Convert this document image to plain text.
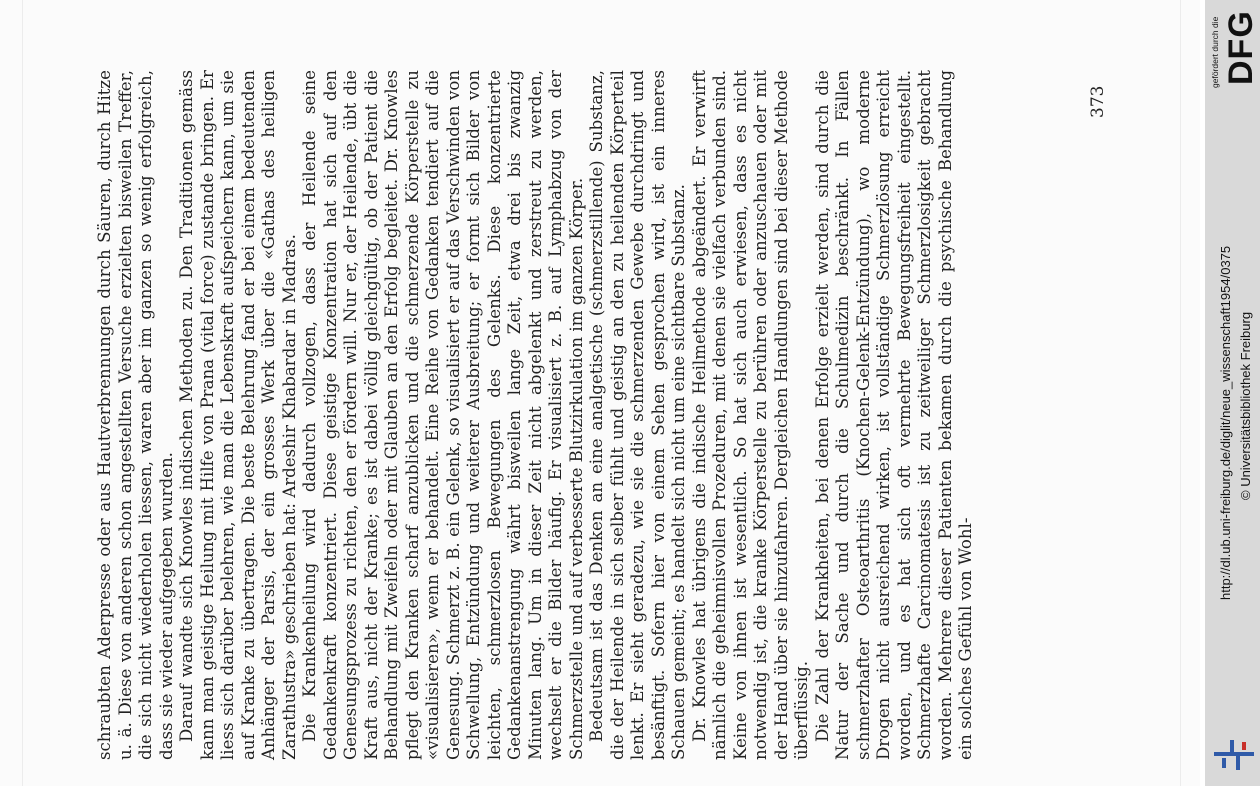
schraubten Aderpresse oder aus Hautverbrennungen durch Säuren, durch Hitze u. ä. Diese von anderen schon angestellten Versuche erzielten bisweilen Treffer, die sich nicht wiederholen liessen, waren aber im ganzen so wenig erfolgreich, dass sie wieder aufgegeben wurden. Darauf wandte sich Knowles indischen Methoden zu. Den Traditionen gemäss kann man geistige Heilung mit Hilfe von Prana (vital force) zustande bringen. Er liess sich darüber belehren, wie man die Lebenskraft aufspeichern kann, um sie auf Kranke zu übertragen. Die beste Belehrung fand er bei einem bedeutenden Anhänger der Parsis, der ein grosses Werk über die «Gathas des heiligen Zarathustra» geschrieben hat: Ardeshir Khabardar in Madras. Die Krankenheilung wird dadurch vollzogen, dass der Heilende seine Gedankenkraft konzentriert. Diese geistige Konzentration hat sich auf den Genesungsprozess zu richten, den er fördern will. Nur er, der Heilende, übt die Kraft aus, nicht der Kranke; es ist dabei völlig gleichgültig, ob der Patient die Behandlung mit Zweifeln oder mit Glauben an den Erfolg begleitet. Dr. Knowles pflegt den Kranken scharf anzublicken und die schmerzende Körperstelle zu «visualisieren», wenn er behandelt. Eine Reihe von Gedanken tendiert auf die Genesung. Schmerzt z. B. ein Gelenk, so visualisiert er auf das Verschwinden von Schwellung, Entzündung und weiterer Ausbreitung; er formt sich Bilder von leichten, schmerzlosen Bewegungen des Gelenks. Diese konzentrierte Gedankenanstrengung währt bisweilen lange Zeit, etwa drei bis zwanzig Minuten lang. Um in dieser Zeit nicht abgelenkt und zerstreut zu werden, wechselt er die Bilder häufig. Er visualisiert z. B. auf Lymphabzug von der Schmerzstelle und auf verbesserte Blutzirkulation im ganzen Körper. Bedeutsam ist das Denken an eine analgetische (schmerzstillende) Substanz, die der Heilende in sich selber fühlt und geistig an den zu heilenden Körperteil lenkt. Er sieht geradezu, wie sie die schmerzenden Gewebe durchdringt und besänftigt. Sofern hier von einem Sehen gesprochen wird, ist ein inneres Schauen gemeint; es handelt sich nicht um eine sichtbare Substanz. Dr. Knowles hat übrigens die indische Heilmethode abgeändert. Er verwirft nämlich die geheimnisvollen Prozeduren, mit denen sie vielfach verbunden sind. Keine von ihnen ist wesentlich. So hat sich auch erwiesen, dass es nicht notwendig ist, die kranke Körperstelle zu berühren oder anzuschauen oder mit der Hand über sie hinzufahren. Dergleichen Handlungen sind bei dieser Methode überflüssig. Die Zahl der Krankheiten, bei denen Erfolge erzielt werden, sind durch die Natur der Sache und durch die Schulmedizin beschränkt. In Fällen schmerzhafter Osteoarthritis (Knochen-Gelenk-Entzündung), wo moderne Drogen nicht ausreichend wirken, ist vollständige Schmerzlösung erreicht worden, und es hat sich oft vermehrte Bewegungsfreiheit eingestellt. Schmerzhafte Carcinomatesis ist zu zeitweiliger Schmerzlosigkeit gebracht worden. Mehrere dieser Patienten bekamen durch die psychische Behandlung ein solches Gefühl von Wohl-

373
gefördert durch die DFG
http://dl.ub.uni-freiburg.de/diglit/neue_wissenschaft1954/0375 © Universitätsbibliothek Freiburg
